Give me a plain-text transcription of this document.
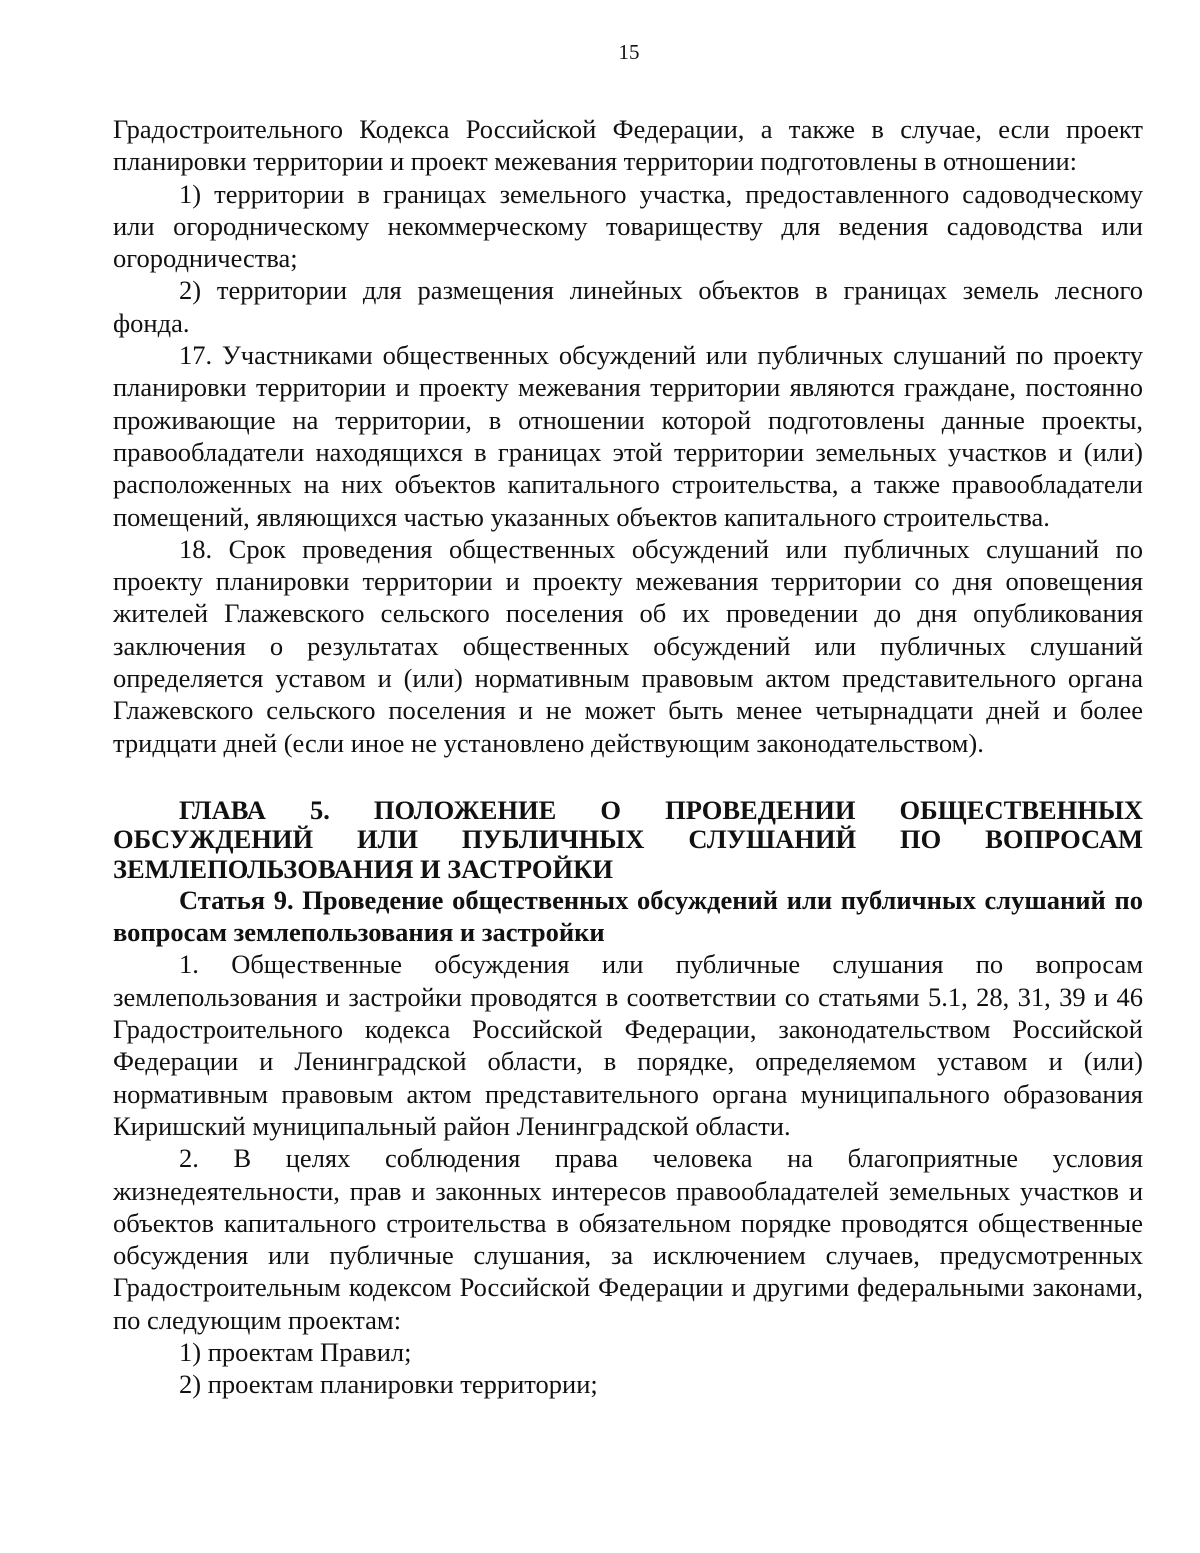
15

Градостроительного Кодекса Российской Федерации, а также в случае, если проект планировки территории и проект межевания территории подготовлены в отношении:

1) территории в границах земельного участка, предоставленного садоводческому или огородническому некоммерческому товариществу для ведения садоводства или огородничества;

2) территории для размещения линейных объектов в границах земель лесного фонда.

17. Участниками общественных обсуждений или публичных слушаний по проекту планировки территории и проекту межевания территории являются граждане, постоянно проживающие на территории, в отношении которой подготовлены данные проекты, правообладатели находящихся в границах этой территории земельных участков и (или) расположенных на них объектов капитального строительства, а также правообладатели помещений, являющихся частью указанных объектов капитального строительства.

18. Срок проведения общественных обсуждений или публичных слушаний по проекту планировки территории и проекту межевания территории со дня оповещения жителей Глажевского сельского поселения об их проведении до дня опубликования заключения о результатах общественных обсуждений или публичных слушаний определяется уставом и (или) нормативным правовым актом представительного органа Глажевского сельского поселения и не может быть менее четырнадцати дней и более тридцати дней (если иное не установлено действующим законодательством).

ГЛАВА 5. ПОЛОЖЕНИЕ О ПРОВЕДЕНИИ ОБЩЕСТВЕННЫХ ОБСУЖДЕНИЙ ИЛИ ПУБЛИЧНЫХ СЛУШАНИЙ ПО ВОПРОСАМ ЗЕМЛЕПОЛЬЗОВАНИЯ И ЗАСТРОЙКИ
Статья 9. Проведение общественных обсуждений или публичных слушаний по вопросам землепользования и застройки

1. Общественные обсуждения или публичные слушания по вопросам землепользования и застройки проводятся в соответствии со статьями 5.1, 28, 31, 39 и 46 Градостроительного кодекса Российской Федерации, законодательством Российской Федерации и Ленинградской области, в порядке, определяемом уставом и (или) нормативным правовым актом представительного органа муниципального образования Киришский муниципальный район Ленинградской области.

2. В целях соблюдения права человека на благоприятные условия жизнедеятельности, прав и законных интересов правообладателей земельных участков и объектов капитального строительства в обязательном порядке проводятся общественные обсуждения или публичные слушания, за исключением случаев, предусмотренных Градостроительным кодексом Российской Федерации и другими федеральными законами, по следующим проектам:

1) проектам Правил;

2) проектам планировки территории;
